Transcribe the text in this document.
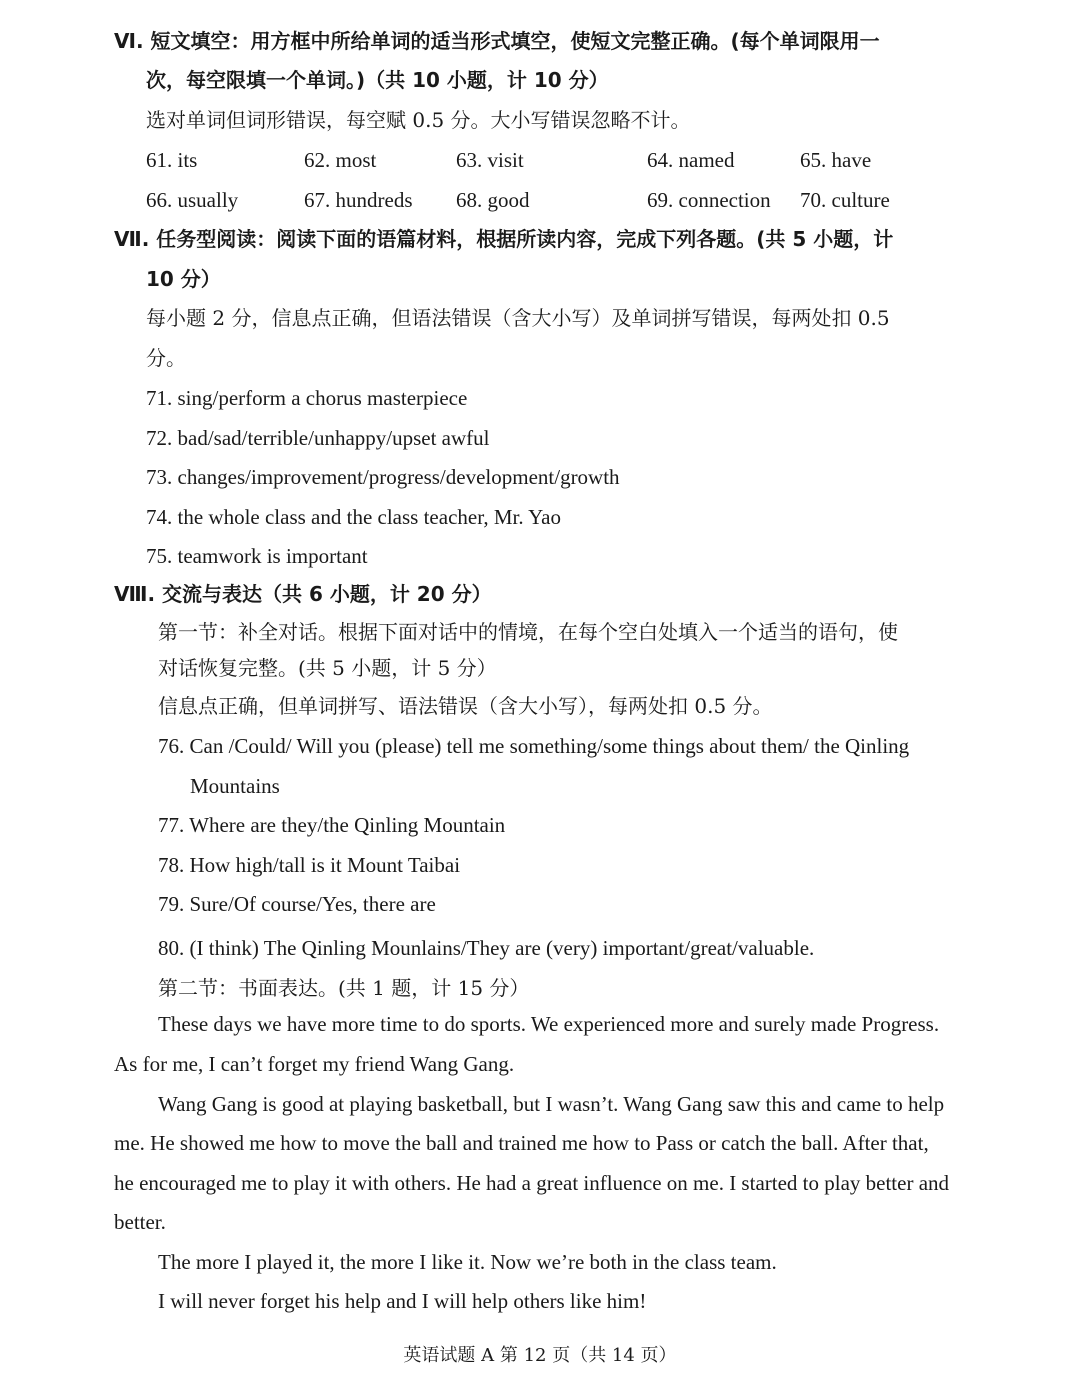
Ⅵ. 短文填空：用方框中所给单词的适当形式填空，使短文完整正确。(每个单词限用一
次，每空限填一个单词。)（共 10 小题，计 10 分）
选对单词但词形错误，每空赋 0.5 分。大小写错误忽略不计。
61. its	62. most	63. visit	64. named	65. have
66. usually	67. hundreds 68. good	69. connection 70. culture
Ⅶ. 任务型阅读：阅读下面的语篇材料，根据所读内容，完成下列各题。(共 5 小题，计
10 分）
每小题 2 分，信息点正确，但语法错误（含大小写）及单词拼写错误，每两处扣 0.5
分。
71. sing/perform a chorus masterpiece
72. bad/sad/terrible/unhappy/upset awful
73. changes/improvement/progress/development/growth
74. the whole class and the class teacher, Mr. Yao
75. teamwork is important
Ⅷ. 交流与表达（共 6 小题，计 20 分）
第一节：补全对话。根据下面对话中的情境，在每个空白处填入一个适当的语句，使
对话恢复完整。(共 5 小题，计 5 分）
信息点正确，但单词拼写、语法错误（含大小写），每两处扣 0.5 分。
76. Can /Could/ Will you (please) tell me something/some things about them/ the Qinling
Mountains
77. Where are they/the Qinling Mountain
78. How high/tall is it Mount Taibai
79. Sure/Of course/Yes, there are
80. (I think) The Qinling Mounlains/They are (very) important/great/valuable.
第二节：书面表达。(共 1 题，计 15 分）
These days we have more time to do sports. We experienced more and surely made Progress.
As for me, I can’t forget my friend Wang Gang.
Wang Gang is good at playing basketball, but I wasn’t. Wang Gang saw this and came to help
me. He showed me how to move the ball and trained me how to Pass or catch the ball. After that,
he encouraged me to play it with others. He had a great influence on me. I started to play better and
better.
The more I played it, the more I like it. Now we’re both in the class team.
I will never forget his help and I will help others like him!
英语试题 A 第 12 页（共 14 页）
